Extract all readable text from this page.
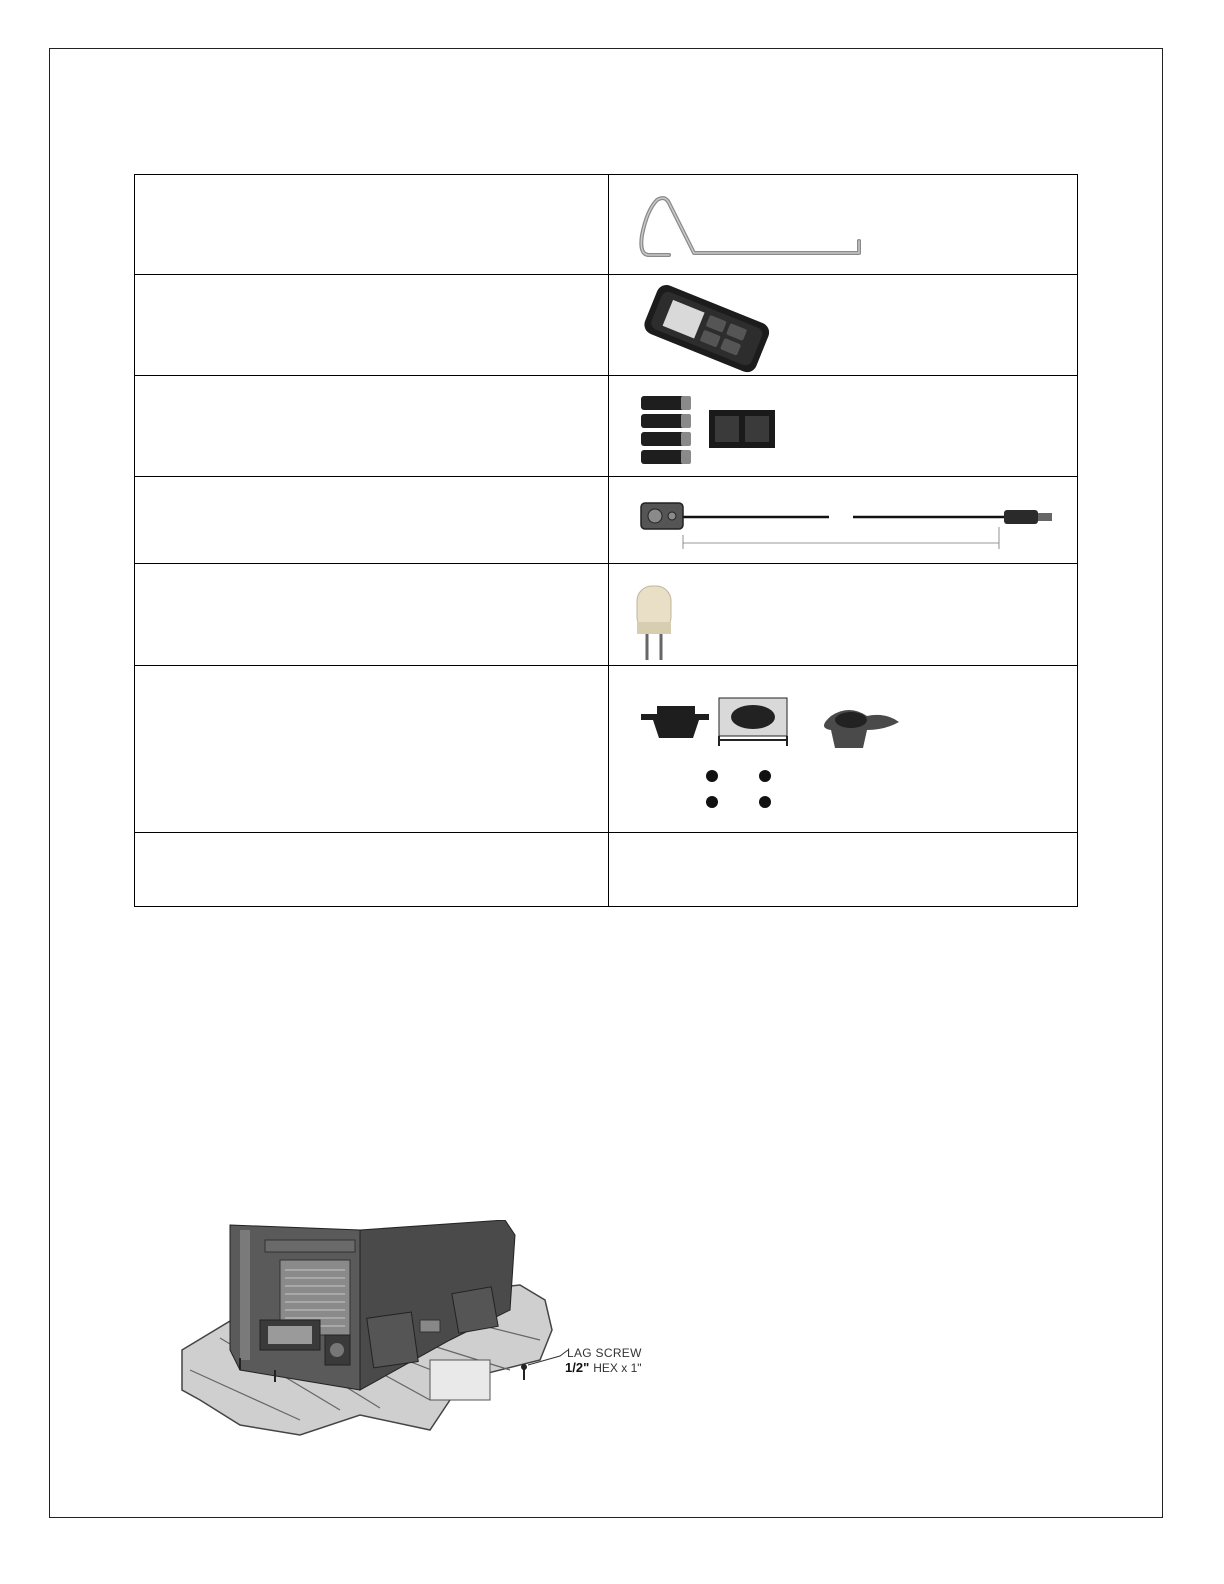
LAG SCREW
1/2" HEX x 1"
